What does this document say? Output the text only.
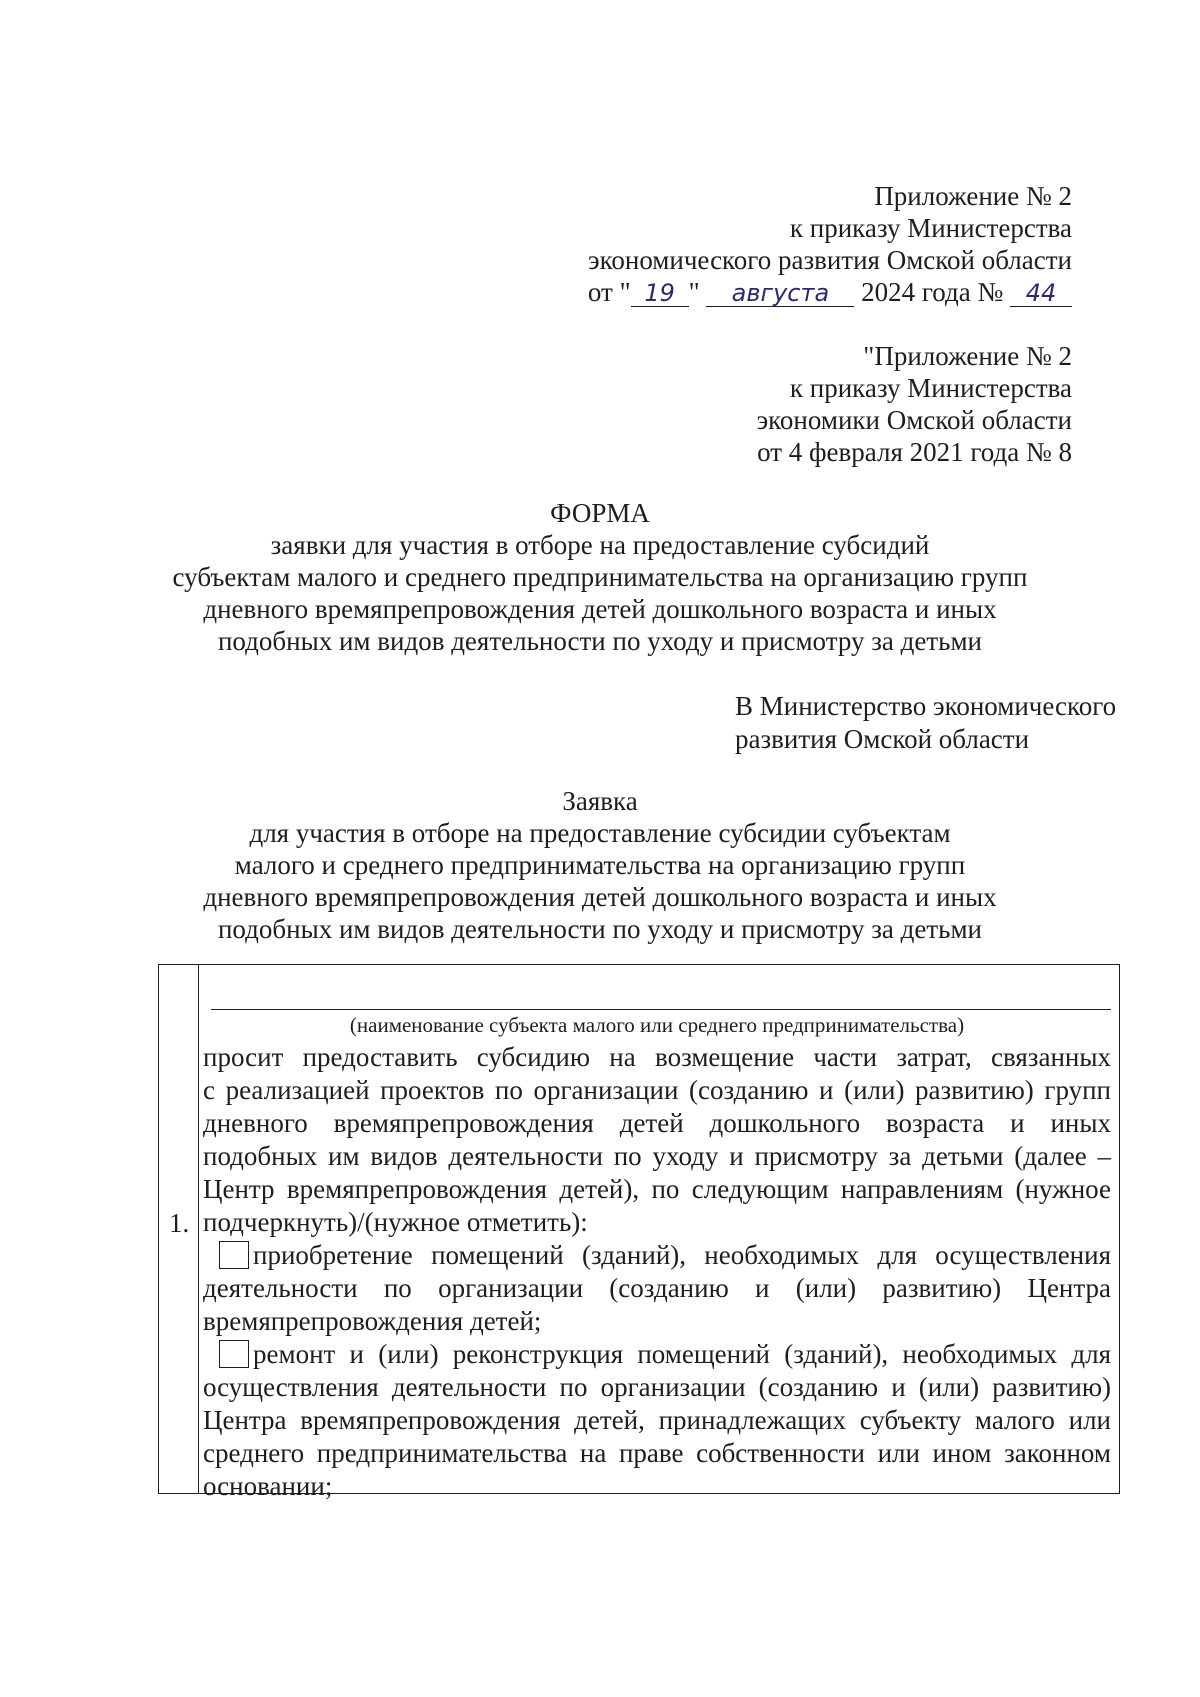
Приложение № 2
к приказу Министерства
экономического развития Омской области
от " 19 " августа 2024 года № 44
"Приложение № 2
к приказу Министерства
экономики Омской области
от 4 февраля 2021 года № 8
ФОРМА
заявки для участия в отборе на предоставление субсидий
субъектам малого и среднего предпринимательства на организацию групп
дневного времяпрепровождения детей дошкольного возраста и иных
подобных им видов деятельности по уходу и присмотру за детьми
В Министерство экономического
развития Омской области
Заявка
для участия в отборе на предоставление субсидии субъектам
малого и среднего предпринимательства на организацию групп
дневного времяпрепровождения детей дошкольного возраста и иных
подобных им видов деятельности по уходу и присмотру за детьми
1.
(наименование субъекта малого или среднего предпринимательства)
просит предоставить субсидию на возмещение части затрат, связанных
с реализацией проектов по организации (созданию и (или) развитию) групп
дневного времяпрепровождения детей дошкольного возраста и иных
подобных им видов деятельности по уходу и присмотру за детьми (далее –
Центр времяпрепровождения детей), по следующим направлениям (нужное
подчеркнуть)/(нужное отметить):
приобретение помещений (зданий), необходимых для осуществления
деятельности по организации (созданию и (или) развитию) Центра
времяпрепровождения детей;
ремонт и (или) реконструкция помещений (зданий), необходимых для
осуществления деятельности по организации (созданию и (или) развитию)
Центра времяпрепровождения детей, принадлежащих субъекту малого или
среднего предпринимательства на праве собственности или ином законном
основании;
